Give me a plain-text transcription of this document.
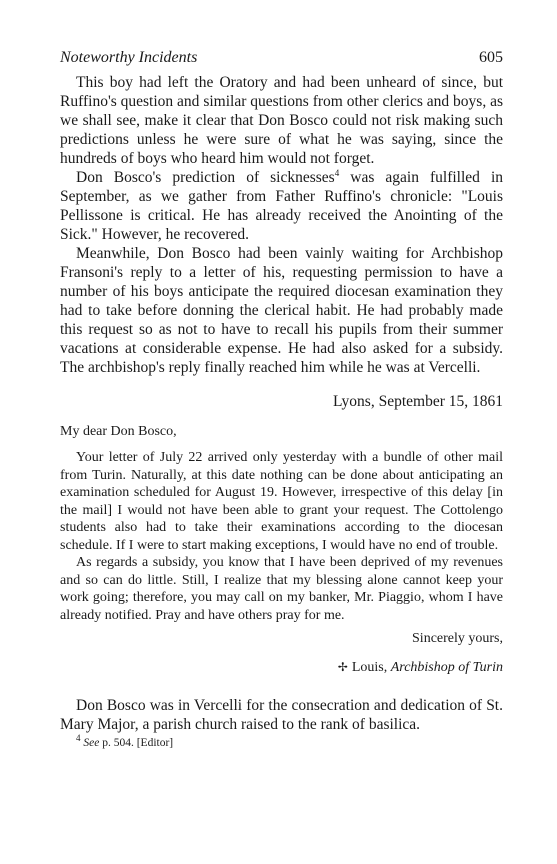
Noteworthy Incidents	605

This boy had left the Oratory and had been unheard of since, but Ruffino's question and similar questions from other clerics and boys, as we shall see, make it clear that Don Bosco could not risk making such predictions unless he were sure of what he was saying, since the hundreds of boys who heard him would not forget.

Don Bosco's prediction of sicknesses$^4$ was again fulfilled in September, as we gather from Father Ruffino's chronicle: "Louis Pellissone is critical. He has already received the Anointing of the Sick." However, he recovered.

Meanwhile, Don Bosco had been vainly waiting for Archbishop Fransoni's reply to a letter of his, requesting permission to have a number of his boys anticipate the required diocesan examination they had to take before donning the clerical habit. He had probably made this request so as not to have to recall his pupils from their summer vacations at considerable expense. He had also asked for a subsidy. The archbishop's reply finally reached him while he was at Vercelli.

Lyons, September 15, 1861
My dear Don Bosco,

Your letter of July 22 arrived only yesterday with a bundle of other mail from Turin. Naturally, at this date nothing can be done about anticipating an examination scheduled for August 19. However, irrespective of this delay [in the mail] I would not have been able to grant your request. The Cottolengo students also had to take their examinations according to the diocesan schedule. If I were to start making exceptions, I would have no end of trouble.

As regards a subsidy, you know that I have been deprived of my revenues and so can do little. Still, I realize that my blessing alone cannot keep your work going; therefore, you may call on my banker, Mr. Piaggio, whom I have already notified. Pray and have others pray for me.

Sincerely yours,
✢ Louis, Archbishop of Turin

Don Bosco was in Vercelli for the consecration and dedication of St. Mary Major, a parish church raised to the rank of basilica.

$^4$ See p. 504. [Editor]
